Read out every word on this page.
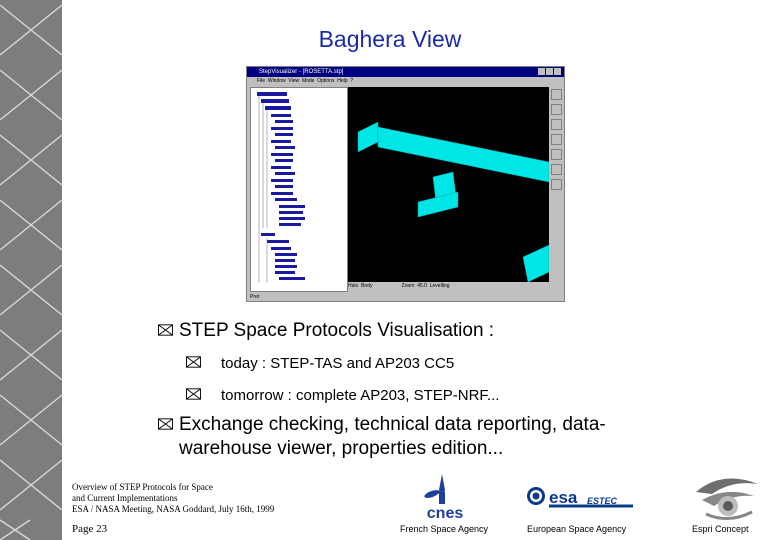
Baghera View
StepVisualizer - [ROSETTA.stp]
File Window View Mode Options Help ?
Halo Body	Zoom 45.0 Levelling
Pret
STEP Space Protocols Visualisation :
today : STEP-TAS and AP203 CC5
tomorrow : complete AP203, STEP-NRF...
Exchange checking, technical data reporting, data-
warehouse viewer, properties edition...
Overview of STEP Protocols for Space
and Current Implementations
ESA / NASA Meeting, NASA Goddard, July 16th, 1999
Page 23
cnes
French Space Agency
esa ESTEC
European Space Agency	Espri Concept
